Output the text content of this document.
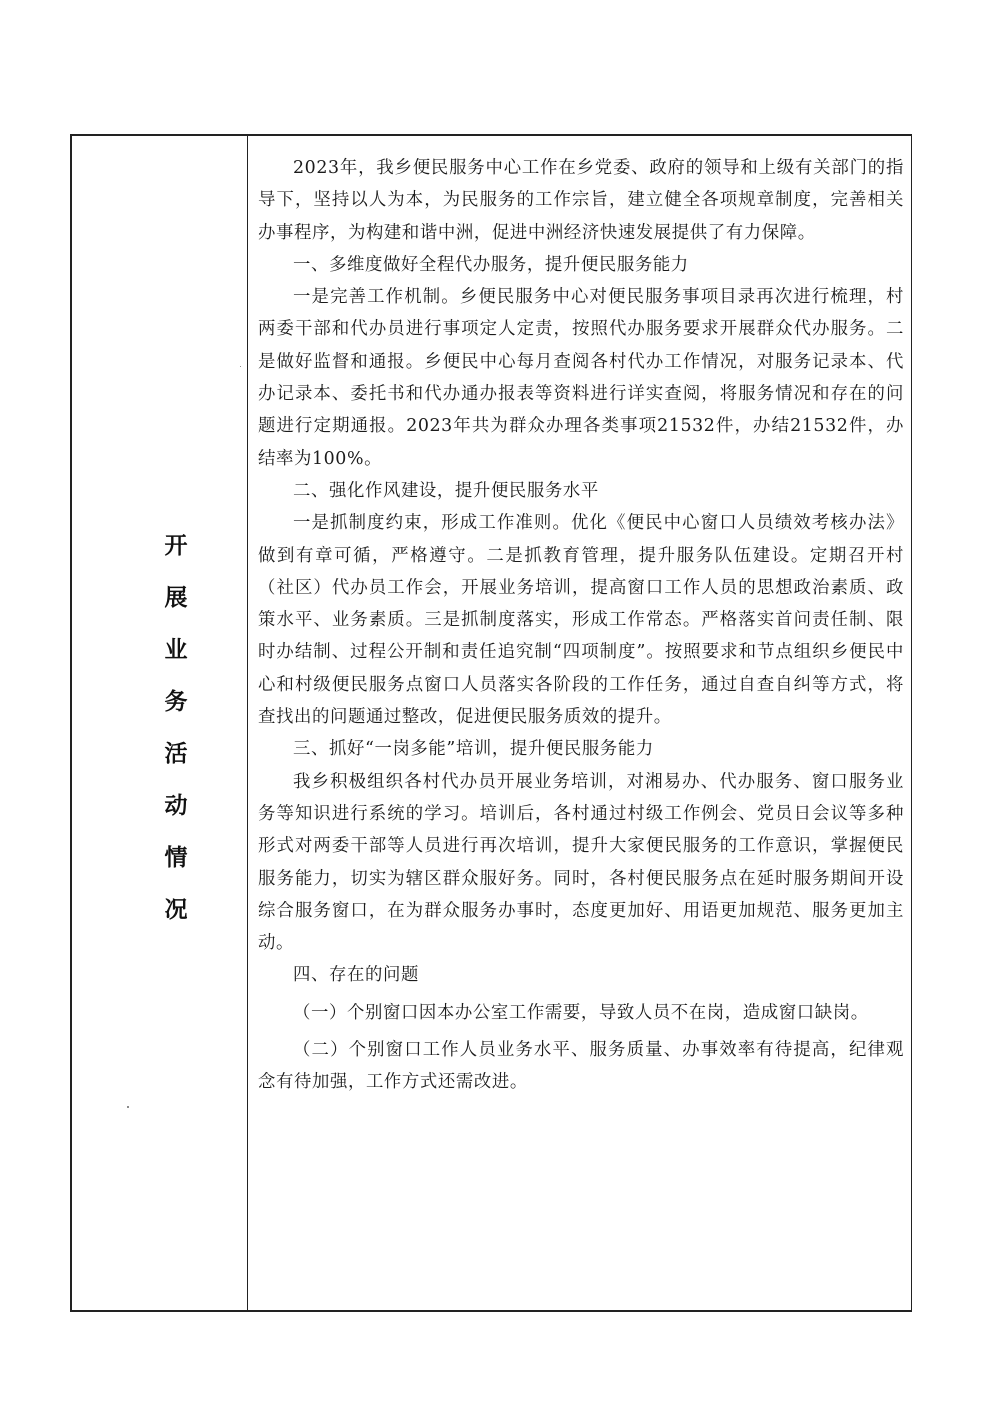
开展业务活动情况

2023年，我乡便民服务中心工作在乡党委、政府的领导和上级有关部门的指导下，坚持以人为本，为民服务的工作宗旨，建立健全各项规章制度，完善相关办事程序，为构建和谐中洲，促进中洲经济快速发展提供了有力保障。

一、多维度做好全程代办服务，提升便民服务能力

一是完善工作机制。乡便民服务中心对便民服务事项目录再次进行梳理，村两委干部和代办员进行事项定人定责，按照代办服务要求开展群众代办服务。二是做好监督和通报。乡便民中心每月查阅各村代办工作情况，对服务记录本、代办记录本、委托书和代办通办报表等资料进行详实查阅，将服务情况和存在的问题进行定期通报。2023年共为群众办理各类事项21532件，办结21532件，办结率为100%。

二、强化作风建设，提升便民服务水平

一是抓制度约束，形成工作准则。优化《便民中心窗口人员绩效考核办法》做到有章可循，严格遵守。二是抓教育管理，提升服务队伍建设。定期召开村（社区）代办员工作会，开展业务培训，提高窗口工作人员的思想政治素质、政策水平、业务素质。三是抓制度落实，形成工作常态。严格落实首问责任制、限时办结制、过程公开制和责任追究制“四项制度”。按照要求和节点组织乡便民中心和村级便民服务点窗口人员落实各阶段的工作任务，通过自查自纠等方式，将查找出的问题通过整改，促进便民服务质效的提升。

三、抓好“一岗多能”培训，提升便民服务能力

我乡积极组织各村代办员开展业务培训，对湘易办、代办服务、窗口服务业务等知识进行系统的学习。培训后，各村通过村级工作例会、党员日会议等多种形式对两委干部等人员进行再次培训，提升大家便民服务的工作意识，掌握便民服务能力，切实为辖区群众服好务。同时，各村便民服务点在延时服务期间开设综合服务窗口，在为群众服务办事时，态度更加好、用语更加规范、服务更加主动。

四、存在的问题

（一）个别窗口因本办公室工作需要，导致人员不在岗，造成窗口缺岗。

（二）个别窗口工作人员业务水平、服务质量、办事效率有待提高，纪律观念有待加强，工作方式还需改进。
